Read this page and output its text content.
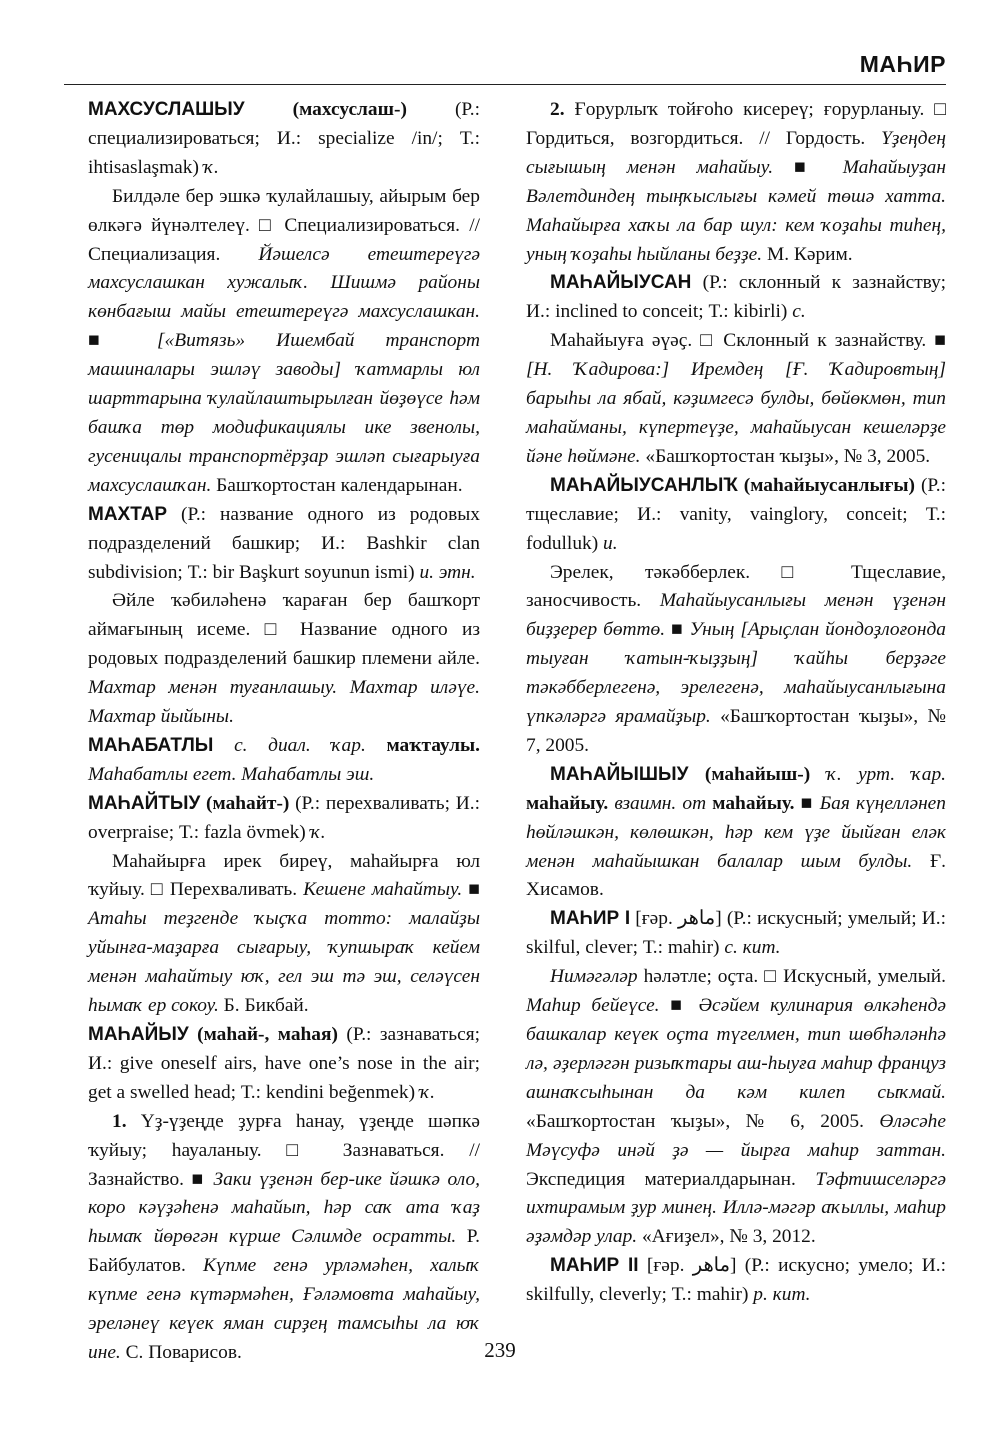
МАҺИР

МАХСУСЛАШЫУ (махсуслаш-) (Р.: специализироваться; И.: specialize /in/; Т.: ihtisaslaşmak) ҡ.

Билдәле бер эшкә ҡулайлашыу, айырым бер өлкәгә йүнәлтелеү. □ Специализироваться. // Специализация. Йәшелсә етештереүгә махсуслашкан хужалыҡ. Шишмә районы көнбағыш майы етештереүгә махсуслашкан. ■ [«Витязь» Ишембай транспорт машиналары эшләү заводы] ҡатмарлы юл шарттарына ҡулайлаштырылған йөҙөүсе һәм башҡа төр модификациялы ике звенолы, гусеницалы транспортёрҙар эшләп сығарыуға махсуслашҡан. Башҡортостан календарынан.

МАХТАР (Р.: название одного из родовых подразделений башкир; И.: Bashkir clan subdivision; Т.: bir Başkurt soyunun ismi) и. этн.

Әйле ҡәбиләһенә ҡараған бер башҡорт аймағының исеме. □ Название одного из родовых подразделений башкир племени айле. Махтар менән туғанлашыу. Махтар иләүе. Махтар йыйыны.

МАҺАБАТЛЫ с. диал. ҡар. маҡтаулы. Маһабатлы егет. Маһабатлы эш.

МАҺАЙТЫУ (маһайт-) (Р.: перехваливать; И.: overpraise; Т.: fazla övmek) ҡ.

Маһайырға ирек биреү, маһайырға юл ҡуйыу. □ Перехваливать. Кешене маһайтыу. ■ Атаһы теҙгенде ҡыҫҡа тотто: малайҙы уйынға-маҙарға сығарыу, ҡупшыраҡ кейем менән маһайтыу юҡ, гел эш тә эш, селәүсен һымаҡ ер сокоу. Б. Бикбай.

МАҺАЙЫУ (маһай-, маһая) (Р.: зазнаваться; И.: give oneself airs, have one’s nose in the air; get a swelled head; Т.: kendini beğenmek) ҡ.

1. Үҙ-үҙеңде ҙурға һанау, үҙеңде шәпкә ҡуйыу; һауаланыу. □ Зазнаваться. // Зазнайство. ■ Заки үҙенән бер-ике йәшкә оло, коро кәүҙәһенә маһайып, һәр саҡ ата ҡаҙ һымаҡ йөрөгән күрше Сәлимде осратты. Р. Байбулатов. Күпме генә урләмәһен, халыҡ күпме генә күтәрмәһен, Ғәләмовта маһайыу, эреләнеү кеүек яман сирҙең тамсыһы ла юҡ ине. С. Поварисов.

2. Ғорурлыҡ тойғоһо кисереү; ғорурланыу. □ Гордиться, возгордиться. // Гордость. Үҙеңдең сығышың менән маһайыу. ■ Маһайыуҙан Вәлетдиндең тыңҡыслығы кәмей төшә хатта. Маһайырға хаҡы ла бар шул: кем ҡоҙаһы тиһең, уның ҡоҙаһы һыйланы беҙҙе. М. Кәрим.

МАҺАЙЫУСАН (Р.: склонный к зазнайству; И.: inclined to conceit; Т.: kibirli) с.

Маһайыуға әүәҫ. □ Склонный к зазнайству. ■ [Н. Ҡадирова:] Иремдең [Ғ. Ҡадировтың] барыһы ла ябай, кәҙимгесә булды, бөйөкмөн, тип маһайманы, күпертеүҙе, маһайыусан кешеләрҙе йәне һөймәне. «Башҡортостан ҡыҙы», № 3, 2005.

МАҺАЙЫУСАНЛЫҠ (маһайыусанлығы) (Р.: тщеславие; И.: vanity, vainglory, conceit; Т.: fodulluk) и.

Эрелек, тәкәбберлек. □ Тщеславие, заносчивость. Маһайыусанлығы менән үҙенән биҙҙерер бөттө. ■ Уның [Арыҫлан йондоҙлоғонда тыуған ҡатын-ҡыҙҙың] ҡайһы берҙәге тәкәбберлегенә, эрелегенә, маһайыусанлығына үпкәләргә ярамайҙыр. «Башҡортостан ҡыҙы», № 7, 2005.

МАҺАЙЫШЫУ (маһайыш-) ҡ. урт. ҡар. маһайыу. взаимн. от маһайыу. ■ Бая күңелләнеп һөйләшкән, көлөшкән, һәр кем үҙе йыйған еләк менән маһайышкан балалар шым булды. Ғ. Хисамов.

МАҺИР I [ғәр. ماهر] (Р.: искусный; умелый; И.: skilful, clever; Т.: mahir) с. кит.

Нимәгәләр һәләтле; оҫта. □ Искусный, умелый. Маһир бейеүсе. ■ Әсәйем кулинария өлкәһендә башкалар кеүек оҫта түгелмен, тип шөбһәләнһә лә, әҙерләгән ризыҡтары аш-һыуға маһир француз ашнаҡсыһынан да кәм килеп сыҡмай. «Башҡортостан ҡыҙы», № 6, 2005. Өләсәһе Мәүсуфә инәй ҙә — йырға маһир заттан. Экспедиция материалдарынан. Тәфтишселәргә ихтирамым ҙур минең. Иллә-мәгәр аҡыллы, маһир әҙәмдәр улар. «Ағиҙел», № 3, 2012.

МАҺИР II [ғәр. ماهر] (Р.: искусно; умело; И.: skilfully, cleverly; Т.: mahir) р. кит.

239
